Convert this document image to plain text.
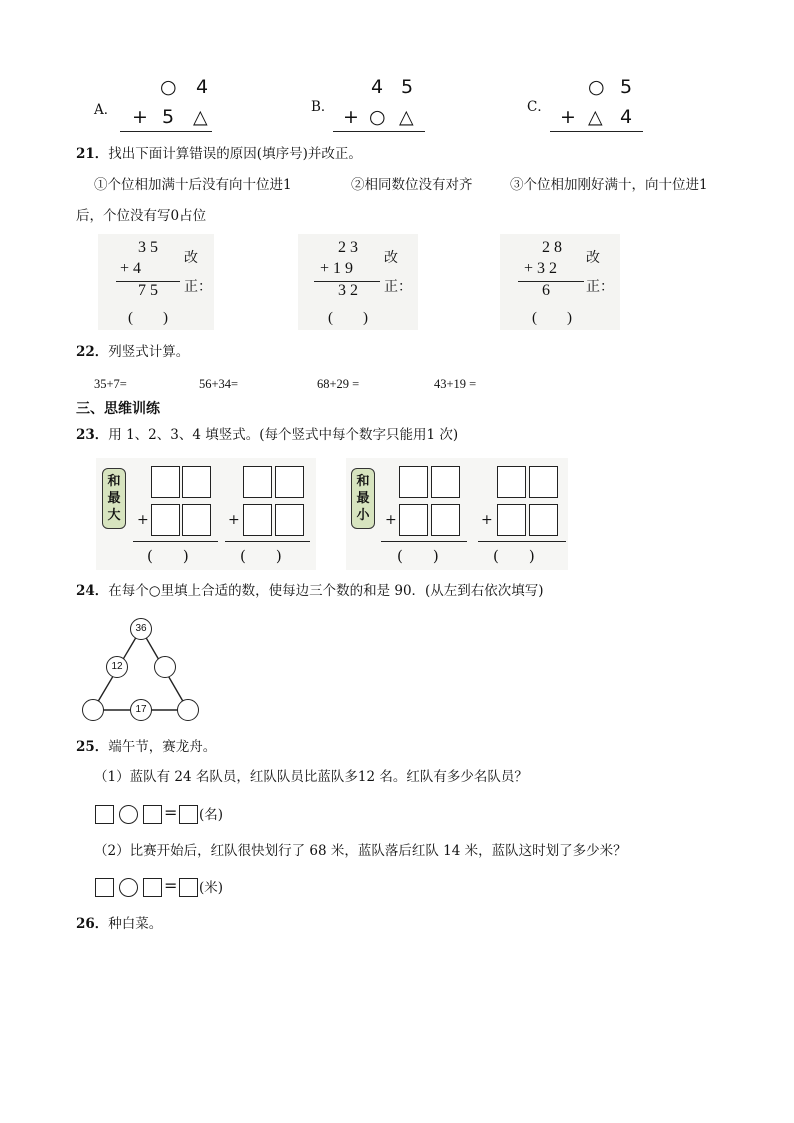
A．
○ 4
+ 5 △	B．
4 5
+ ○ △	C．
○ 5
+ △ 4
21．找出下面计算错误的原因(填序号)并改正。
①个位相加满十后没有向十位进1	②相同数位没有对齐	③个位相加刚好满十，向十位进1
后，个位没有写0占位
3 5
+ 4
7 5
改
正：
(　　)
2 3
+ 1 9
3 2
改
正：
(　　)
2 8
+ 3 2
6
改
正：
(　　)
22．列竖式计算。
35+7=	56+34=	68+29 =	43+19 =
三、思维训练
23．用 1、2、3、4 填竖式。(每个竖式中每个数字只能用1 次)
和
最
大
和
最
小
+
(　　)
+
(　　)
+
(　　)
+
(　　)
24．在每个○里填上合适的数，使每边三个数的和是 90．(从左到右依次填写)
36
12
17
25．端午节，赛龙舟。
（1）蓝队有 24 名队员，红队队员比蓝队多12 名。红队有多少名队员？
= (名)
（2）比赛开始后，红队很快划行了 68 米，蓝队落后红队 14 米，蓝队这时划了多少米？
= (米)
26．种白菜。
